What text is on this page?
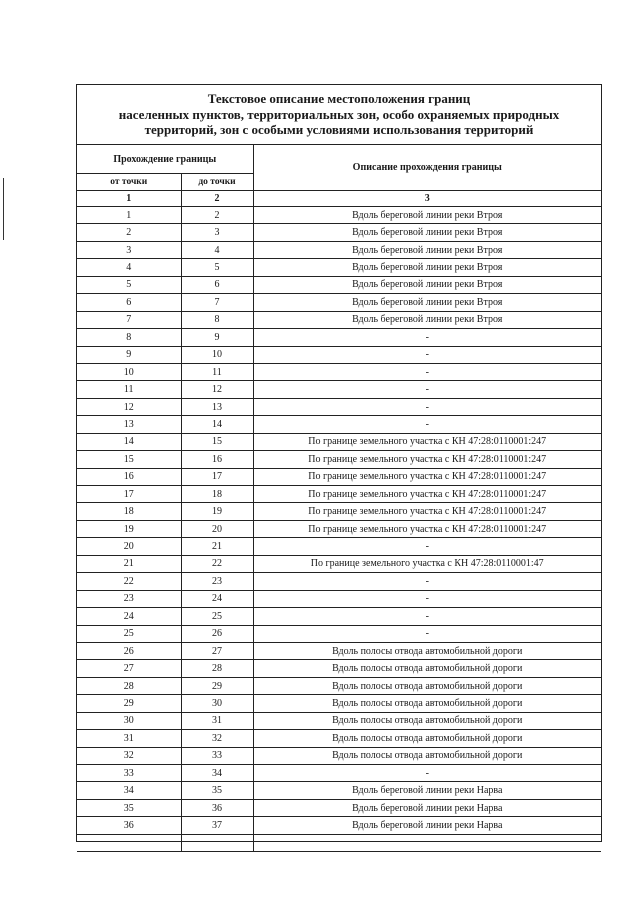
Текстовое описание местоположения границ
населенных пунктов, территориальных зон, особо охраняемых природных
территорий, зон с особыми условиями использования территорий
Прохождение границы		Описание прохождения границы
от точки	до точки	
1	2	3
1	2	Вдоль береговой линии реки Втроя
2	3	Вдоль береговой линии реки Втроя
3	4	Вдоль береговой линии реки Втроя
4	5	Вдоль береговой линии реки Втроя
5	6	Вдоль береговой линии реки Втроя
6	7	Вдоль береговой линии реки Втроя
7	8	Вдоль береговой линии реки Втроя
8	9	-
9	10	-
10	11	-
11	12	-
12	13	-
13	14	-
14	15	По границе земельного участка с КН 47:28:0110001:247
15	16	По границе земельного участка с КН 47:28:0110001:247
16	17	По границе земельного участка с КН 47:28:0110001:247
17	18	По границе земельного участка с КН 47:28:0110001:247
18	19	По границе земельного участка с КН 47:28:0110001:247
19	20	По границе земельного участка с КН 47:28:0110001:247
20	21	-
21	22	По границе земельного участка с КН 47:28:0110001:47
22	23	-
23	24	-
24	25	-
25	26	-
26	27	Вдоль полосы отвода автомобильной дороги
27	28	Вдоль полосы отвода автомобильной дороги
28	29	Вдоль полосы отвода автомобильной дороги
29	30	Вдоль полосы отвода автомобильной дороги
30	31	Вдоль полосы отвода автомобильной дороги
31	32	Вдоль полосы отвода автомобильной дороги
32	33	Вдоль полосы отвода автомобильной дороги
33	34	-
34	35	Вдоль береговой линии реки Нарва
35	36	Вдоль береговой линии реки Нарва
36	37	Вдоль береговой линии реки Нарва
